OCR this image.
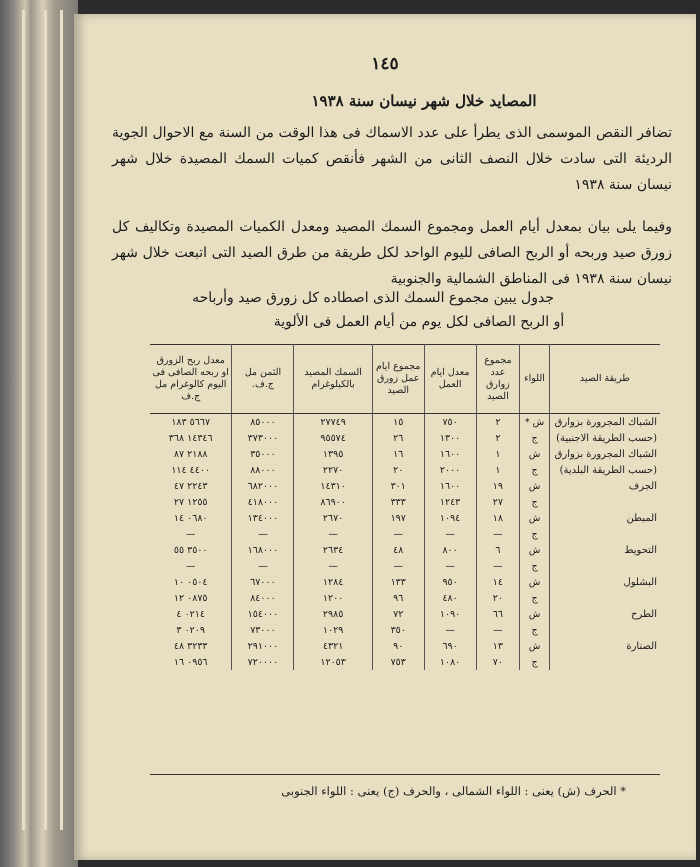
١٤٥
المصايد خلال شهر نيسان سنة ١٩٣٨
تضافر النقص الموسمى الذى يطرأ على عدد الاسماك فى هذا الوقت من السنة مع الاحوال الجوية الرديئة التى سادت خلال النصف الثانى من الشهر فأنقص كميات السمك المصيدة خلال شهر نيسان سنة ١٩٣٨
وفيما يلى بيان بمعدل أيام العمل ومجموع السمك المصيد ومعدل الكميات المصيدة وتكاليف كل زورق صيد وربحه أو الربح الصافى لليوم الواحد لكل طريقة من طرق الصيد التى اتبعت خلال شهر نيسان سنة ١٩٣٨ فى المناطق الشمالية والجنوبية
جدول يبين مجموع السمك الذى اصطاده كل زورق صيد وأرباحه
أو الربح الصافى لكل يوم من أيام العمل فى الألوية
طريقة الصيد	اللواء	مجموع عدد زوارق الصيد	معدل ايام العمل	مجموع ايام عمل زورق الصيد	السمك المصيد بالكيلوغرام	الثمن مل ج.ف.	معدل ربح الزورق او ربحه الصافى فى اليوم كالوغرام مل ج.ف
الشباك المجرورة بزوارق	ش *	٢	٧٥٠	١٥	٢٧٧٤٩	٨٥٠٠٠	٥٦٦٧ ١٨٣
(حسب الطريقة الاجنبية)	ج	٢	١٣٠٠	٢٦	٩٥٥٧٤	٣٧٣٠٠٠	١٤٣٤٦ ٣٦٨
الشباك المجرورة بزوارق	ش	١	١٦٠٠	١٦	١٣٩٥	٣٥٠٠٠	٢١٨٨ ٨٧
(حسب الطريقة البلدية)	ج	١	٢٠٠٠	٢٠	٢٢٧٠	٨٨٠٠٠	٤٤٠٠ ١١٤
الجرف	ش	١٩	١٦٠٠	٣٠١	١٤٣١٠	٦٨٢٠٠٠	٢٢٤٣ ٤٧
	ج	٢٧	١٢٤٣	٣٣٣	٨٦٩٠٠	٤١٨٠٠٠	١٢٥٥ ٢٧
المبطن	ش	١٨	١٠٩٤	١٩٧	٢٦٧٠	١٣٤٠٠٠	٠٦٨٠ ١٤
	ج	—	—	—	—	—	—
التحويط	ش	٦	٨٠٠	٤٨	٢٦٣٤	١٦٨٠٠٠	٣٥٠٠ ٥٥
	ج	—	—	—	—	—	—
البشلول	ش	١٤	٩٥٠	١٣٣	١٢٨٤	٦٧٠٠٠	٠٥٠٤ ١٠
	ج	٢٠	٤٨٠	٩٦	١٢٠٠	٨٤٠٠٠	٠٨٧٥ ١٢
الطرح	ش	٦٦	١٠٩٠	٧٢	٢٩٨٥	١٥٤٠٠٠	٠٢١٤ ٤
	ج	—	—	٣٥٠	١٠٢٩	٧٣٠٠٠	٠٢٠٩ ٣
الصنارة	ش	١٣	٦٩٠	٩٠	٤٣٢١	٢٩١٠٠٠	٣٢٣٣ ٤٨
	ج	٧٠	١٠٨٠	٧٥٣	١٢٠٥٣	٧٢٠٠٠٠	٠٩٥٦ ١٦
* الحرف (ش) يعنى : اللواء الشمالى ، والحرف (ج) يعنى : اللواء الجنوبى
